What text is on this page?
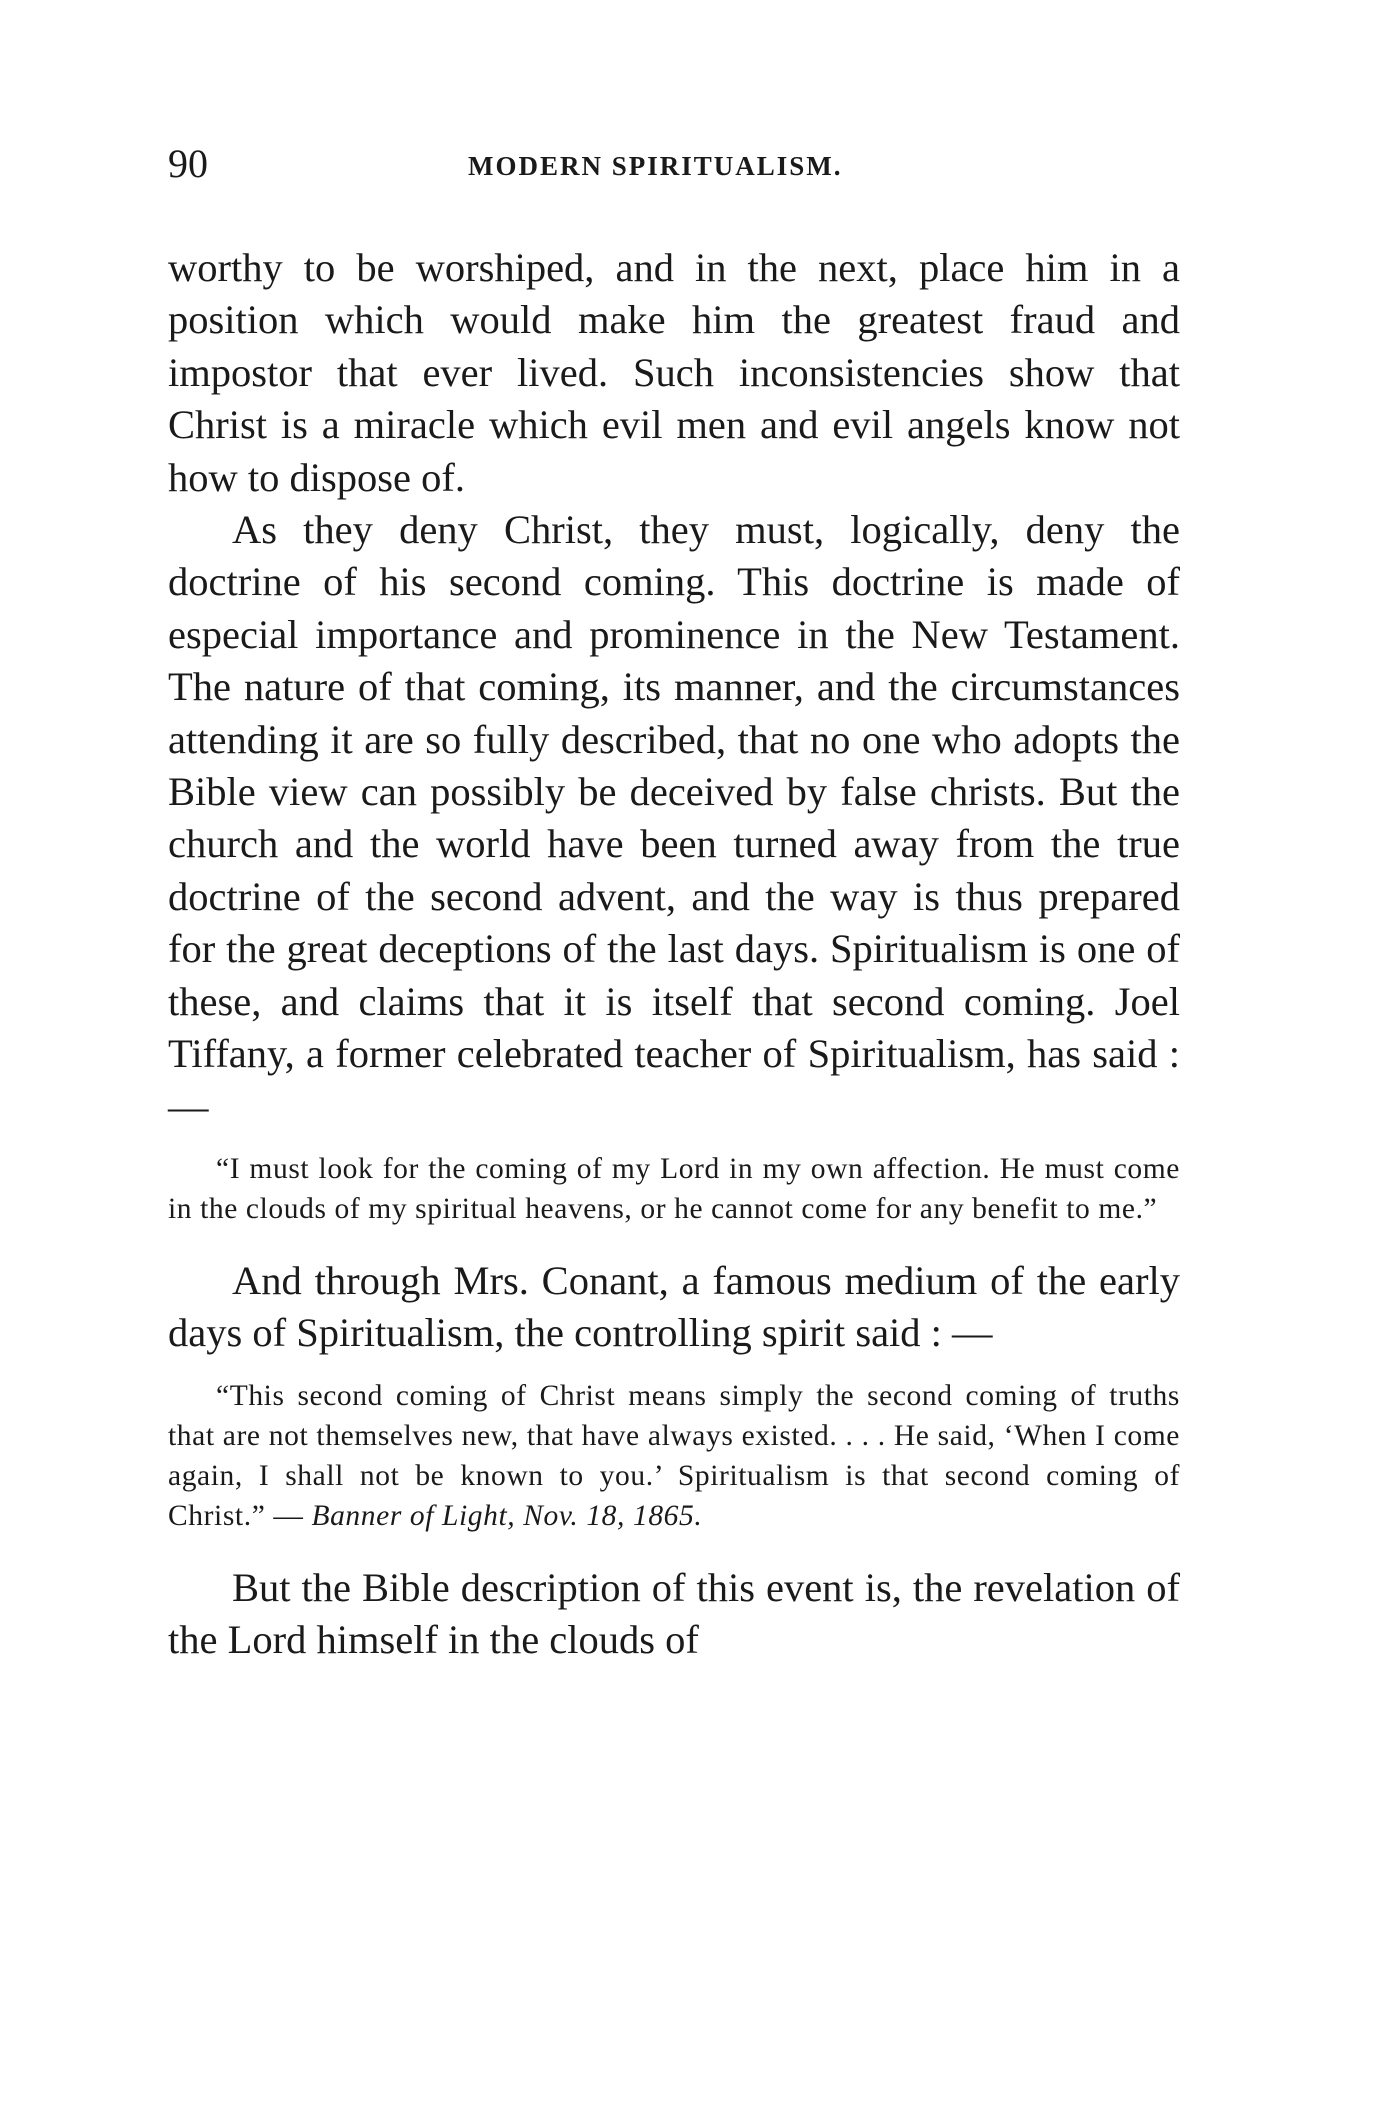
90	MODERN SPIRITUALISM.

worthy to be worshiped, and in the next, place him in a position which would make him the greatest fraud and impostor that ever lived. Such inconsistencies show that Christ is a miracle which evil men and evil angels know not how to dispose of.

As they deny Christ, they must, logically, deny the doctrine of his second coming. This doctrine is made of especial importance and prominence in the New Testament. The nature of that coming, its manner, and the circumstances attending it are so fully described, that no one who adopts the Bible view can possibly be deceived by false christs. But the church and the world have been turned away from the true doctrine of the second advent, and the way is thus prepared for the great deceptions of the last days. Spiritualism is one of these, and claims that it is itself that second coming. Joel Tiffany, a former celebrated teacher of Spiritualism, has said : —

“I must look for the coming of my Lord in my own affection. He must come in the clouds of my spiritual heavens, or he cannot come for any benefit to me.”

And through Mrs. Conant, a famous medium of the early days of Spiritualism, the controlling spirit said : —

“This second coming of Christ means simply the second coming of truths that are not themselves new, that have always existed. . . . He said, ‘When I come again, I shall not be known to you.’ Spiritualism is that second coming of Christ.” — Banner of Light, Nov. 18, 1865.

But the Bible description of this event is, the revelation of the Lord himself in the clouds of
